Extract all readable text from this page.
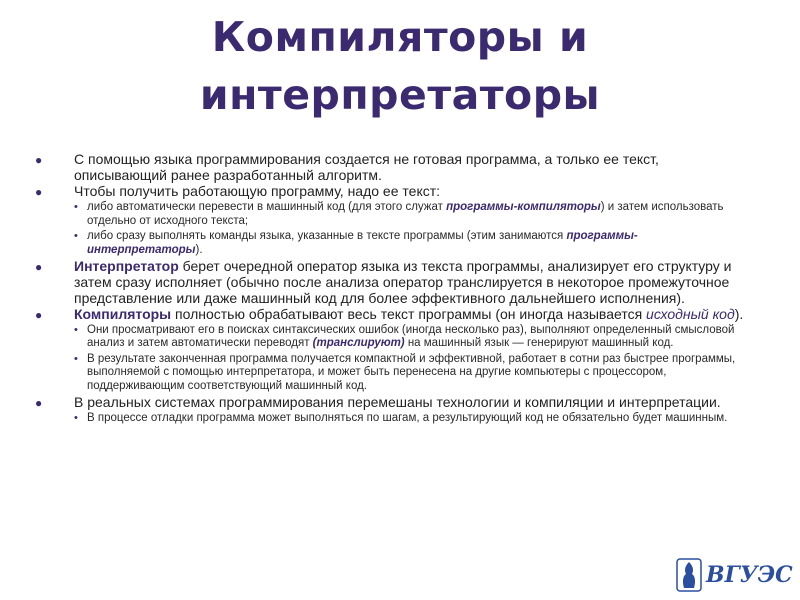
Компиляторы и
интерпретаторы
● С помощью языка программирования создается не готовая программа, а только ее текст, описывающий ранее разработанный алгоритм.
● Чтобы получить работающую программу, надо ее текст:
• либо автоматически перевести в машинный код (для этого служат программы-компиляторы) и затем использовать отдельно от исходного текста;
• либо сразу выполнять команды языка, указанные в тексте программы (этим занимаются программы-интерпретаторы).
● Интерпретатор берет очередной оператор языка из текста программы, анализирует его структуру и затем сразу исполняет (обычно после анализа оператор транслируется в некоторое промежуточное представление или даже машинный код для более эффективного дальнейшего исполнения).
● Компиляторы полностью обрабатывают весь текст программы (он иногда называется исходный код).
• Они просматривают его в поисках синтаксических ошибок (иногда несколько раз), выполняют определенный смысловой анализ и затем автоматически переводят (транслируют) на машинный язык — генерируют машинный код.
• В результате законченная программа получается компактной и эффективной, работает в сотни раз быстрее программы, выполняемой с помощью интерпретатора, и может быть перенесена на другие компьютеры с процессором, поддерживающим соответствующий машинный код.
● В реальных системах программирования перемешаны технологии и компиляции и интерпретации.
• В процессе отладки программа может выполняться по шагам, а результирующий код не обязательно будет машинным.
ВГУЭС
